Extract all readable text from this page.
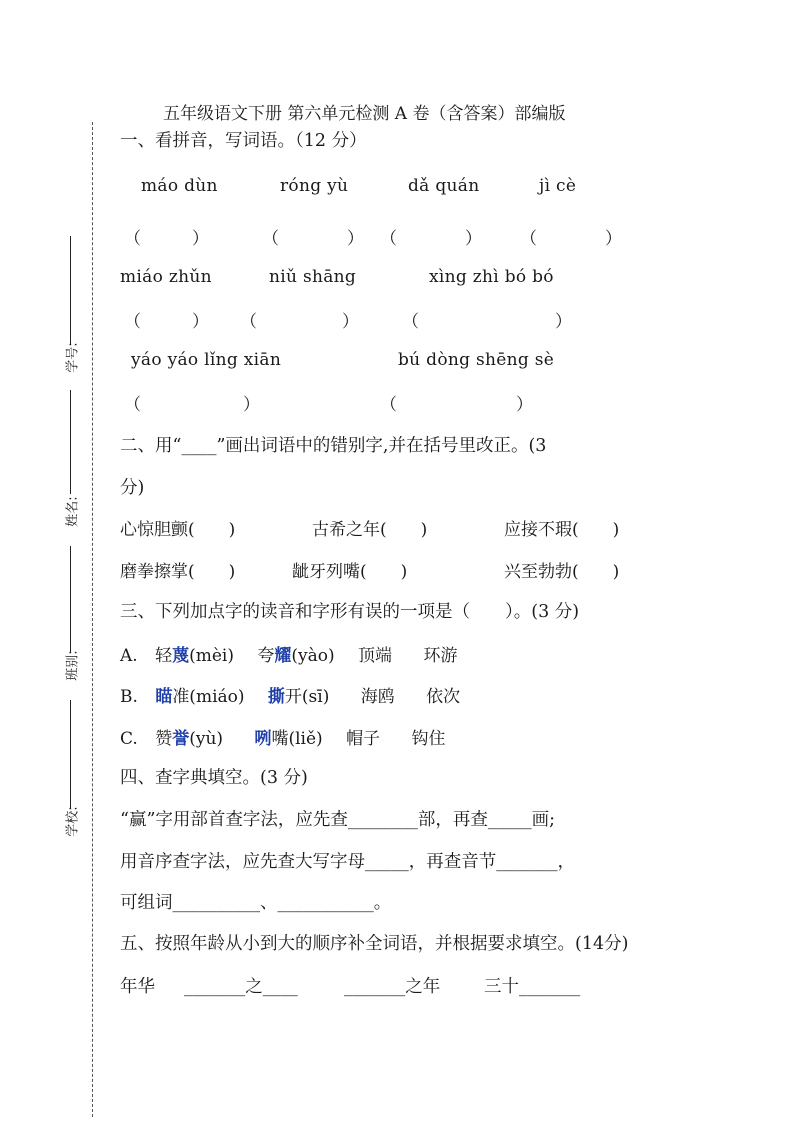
学号:
姓名:
班别:
学校:
五年级语文下册 第六单元检测 A 卷（含答案）部编版
一、看拼音，写词语。（12 分）
máo dùn	róng yù	dǎ quán	jì cè
（　　　）	（　　　　） （　　　　） （　　　　）
miáo zhǔn	niǔ shāng	xìng zhì bó bó
（　　　） （　　　　　）	（　　　　　　　　）
yáo yáo lǐng xiān	bú dòng shēng sè
（　　　　　　）	（　　　　　　　）
二、用“____”画出词语中的错别字,并在括号里改正。(3
分)
心惊胆颤(　　)	古希之年(　　)	应接不瑕(　　)
磨拳擦掌(　　)	龇牙列嘴(　　)	兴至勃勃(　　)
三、下列加点字的读音和字形有误的一项是（　　）。(3 分)
A. 轻蔑(mèi) 夸耀(yào) 顶端 环游
B. 瞄准(miáo) 撕开(sī) 海鸥 依次
C. 赞誉(yù) 咧嘴(liě) 帽子 钩住
四、查字典填空。(3 分)
“赢”字用部首查字法，应先查________部，再查_____画;
用音序查字法，应先查大写字母_____，再查音节_______，
可组词__________、___________。
五、按照年龄从小到大的顺序补全词语，并根据要求填空。(14分)
年华 _______之____	_______之年	三十_______
